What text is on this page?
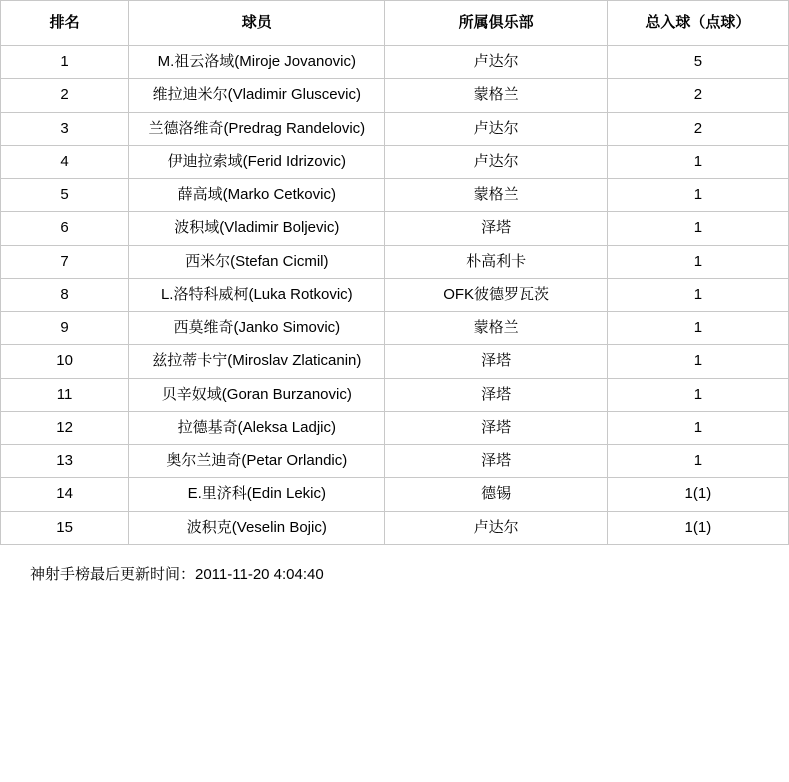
排名	球员	所属俱乐部	总入球（点球）
1	M.祖云洛域(Miroje Jovanovic)	卢达尔	5
2	维拉迪米尔(Vladimir Gluscevic)	蒙格兰	2
3	兰德洛维奇(Predrag Randelovic)	卢达尔	2
4	伊迪拉索域(Ferid Idrizovic)	卢达尔	1
5	薛高域(Marko Cetkovic)	蒙格兰	1
6	波积域(Vladimir Boljevic)	泽塔	1
7	西米尔(Stefan Cicmil)	朴高利卡	1
8	L.洛特科威柯(Luka Rotkovic)	OFK彼德罗瓦茨	1
9	西莫维奇(Janko Simovic)	蒙格兰	1
10	兹拉蒂卡宁(Miroslav Zlaticanin)	泽塔	1
11	贝辛奴域(Goran Burzanovic)	泽塔	1
12	拉德基奇(Aleksa Ladjic)	泽塔	1
13	奥尔兰迪奇(Petar Orlandic)	泽塔	1
14	E.里济科(Edin Lekic)	德锡	1(1)
15	波积克(Veselin Bojic)	卢达尔	1(1)
神射手榜最后更新时间：2011-11-20 4:04:40
